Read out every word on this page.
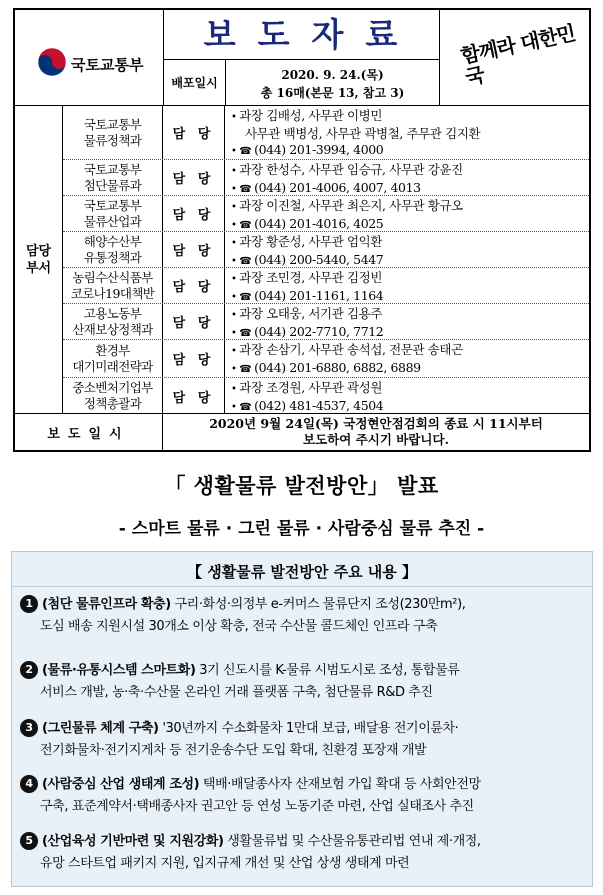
국토교통부
보도자료
배포일시
2020. 9. 24.(목)
총 16매(본문 13, 참고 3)
함께라 대한민국
담당 부서
국토교통부
물류정책과	담 당
• 과장 김배성, 사무관 이병민
사무관 백병성, 사무관 곽병철, 주무관 김지환
• ☎ (044) 201-3994, 4000
국토교통부
첨단물류과	담 당
• 과장 한성수, 사무관 임승규, 사무관 강윤진
• ☎ (044) 201-4006, 4007, 4013
국토교통부
물류산업과	담 당
• 과장 이진철, 사무관 최은지, 사무관 황규오
• ☎ (044) 201-4016, 4025
해양수산부
유통정책과	담 당
• 과장 황준성, 사무관 엄익환
• ☎ (044) 200-5440, 5447
농림수산식품부
코로나19대책반	담 당
• 과장 조민경, 사무관 김정빈
• ☎ (044) 201-1161, 1164
고용노동부
산재보상정책과	담 당
• 과장 오태웅, 서기관 김용주
• ☎ (044) 202-7710, 7712
환경부
대기미래전략과	담 당
• 과장 손삼기, 사무관 송석섭, 전문관 송태곤
• ☎ (044) 201-6880, 6882, 6889
중소벤처기업부
정책총괄과	담 당
• 과장 조경원, 사무관 곽성원
• ☎ (042) 481-4537, 4504
보도일시
2020년 9월 24일(목) 국정현안점검회의 종료 시 11시부터
보도하여 주시기 바랍니다.
「 생활물류 발전방안」 발표
- 스마트 물류 · 그린 물류 · 사람중심 물류 추진 -
【 생활물류 발전방안 주요 내용 】
1 (첨단 물류인프라 확충) 구리·화성·의정부 e-커머스 물류단지 조성(230만m²),
도심 배송 지원시설 30개소 이상 확충, 전국 수산물 콜드체인 인프라 구축
2 (물류·유통시스템 스마트화) 3기 신도시를 K-물류 시범도시로 조성, 통합물류
서비스 개발, 농·축·수산물 온라인 거래 플랫폼 구축, 첨단물류 R&D 추진
3 (그린물류 체계 구축) '30년까지 수소화물차 1만대 보급, 배달용 전기이륜차·
전기화물차·전기지게차 등 전기운송수단 도입 확대, 친환경 포장재 개발
4 (사람중심 산업 생태계 조성) 택배·배달종사자 산재보험 가입 확대 등 사회안전망
구축, 표준계약서·택배종사자 권고안 등 연성 노동기준 마련, 산업 실태조사 추진
5 (산업육성 기반마련 및 지원강화) 생활물류법 및 수산물유통관리법 연내 제·개정,
유망 스타트업 패키지 지원, 입지규제 개선 및 산업 상생 생태계 마련
